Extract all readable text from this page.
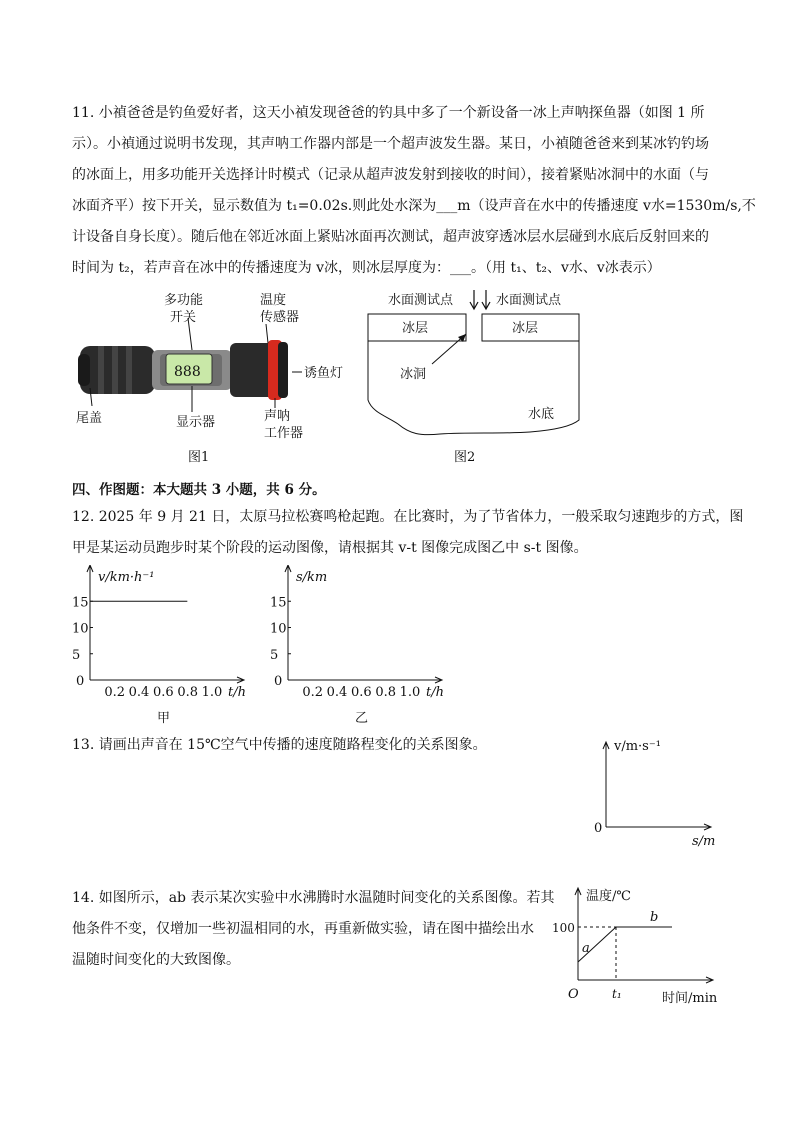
11. 小禎爸爸是钓鱼爱好者，这天小禎发现爸爸的钓具中多了一个新设备一冰上声呐探鱼器（如图 1 所
示）。小禎通过说明书发现，其声呐工作器内部是一个超声波发生器。某日，小禎随爸爸来到某冰钓钓场
的冰面上，用多功能开关选择计时模式（记录从超声波发射到接收的时间），接着紧贴冰洞中的水面（与
冰面齐平）按下开关，显示数值为 t₁=0.02s.则此处水深为___m（设声音在水中的传播速度 v水=1530m/s,不
计设备自身长度）。随后他在邻近冰面上紧贴冰面再次测试，超声波穿透冰层水层碰到水底后反射回来的
时间为 t₂，若声音在冰中的传播速度为 v冰，则冰层厚度为：___。（用 t₁、t₂、v水、v冰表示）
888
多功能
开关
温度
传感器
诱鱼灯
尾盖	显示器	声呐
工作器
图1
水面测试点	水面测试点
冰层	冰层
冰洞
水底
图2
四、作图题：本大题共 3 小题，共 6 分。
12. 2025 年 9 月 21 日，太原马拉松赛鸣枪起跑。在比赛时，为了节省体力，一般采取匀速跑步的方式，图
甲是某运动员跑步时某个阶段的运动图像，请根据其 v-t 图像完成图乙中 s-t 图像。
0.2 0.4 0.6 0.8 1.0
5
10
15
0
v/km·h⁻¹
t/h
甲
0.2 0.4 0.6 0.8 1.0
5
10
15
0
s/km
t/h
乙
13. 请画出声音在 15℃空气中传播的速度随路程变化的关系图象。	v/m·s⁻¹
0
s/m
14. 如图所示，ab 表示某次实验中水沸腾时水温随时间变化的关系图像。若其
他条件不变，仅增加一些初温相同的水，再重新做实验，请在图中描绘出水
温随时间变化的大致图像。
温度/℃
O	时间/min
100
t₁
a
b
